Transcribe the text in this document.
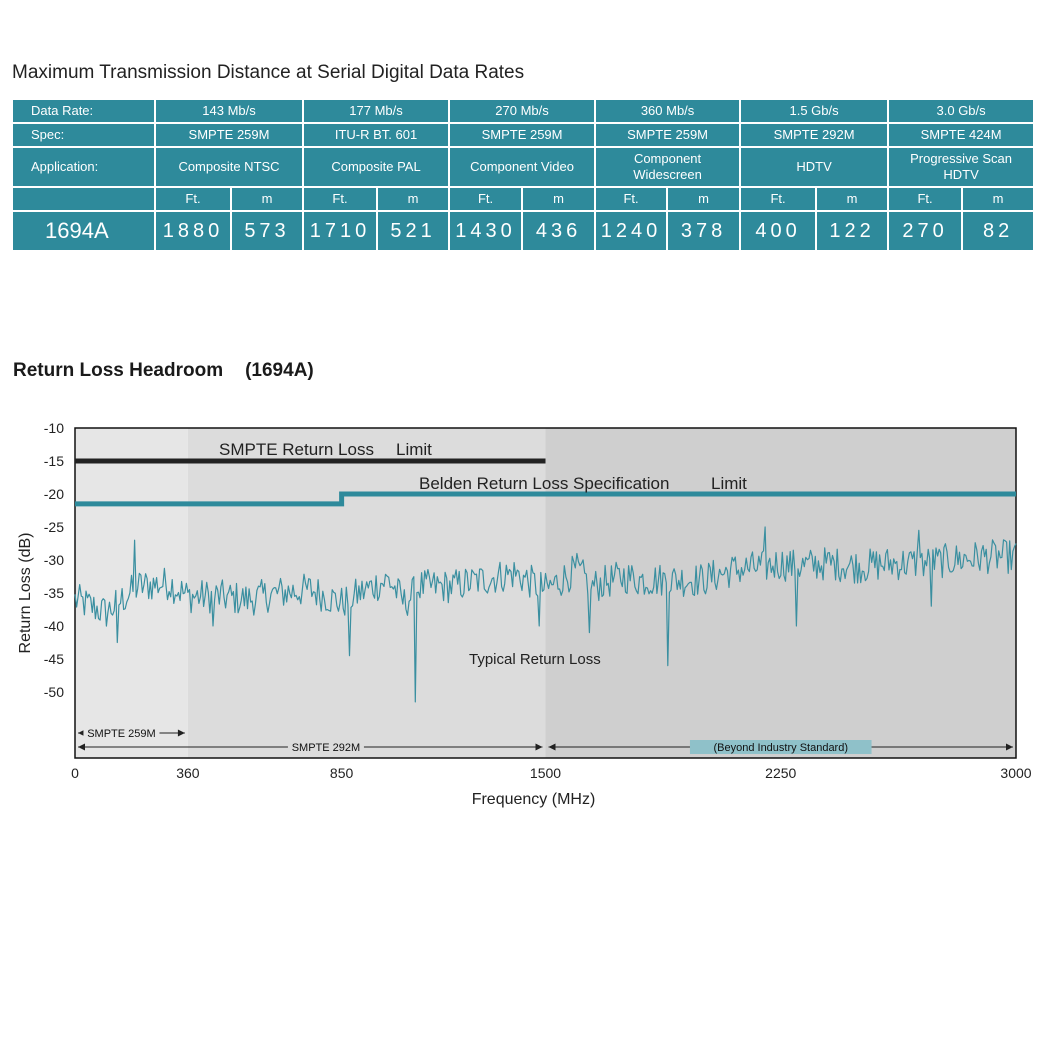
Maximum Transmission Distance at Serial Digital Data Rates
Data Rate:	143 Mb/s		177 Mb/s		270 Mb/s		360 Mb/s		1.5 Gb/s		3.0 Gb/s	
Spec:	SMPTE 259M		ITU-R BT. 601		SMPTE 259M		SMPTE 259M		SMPTE 292M		SMPTE 424M	
Application:	Composite NTSC		Composite PAL		Component Video		Component Widescreen		HDTV		Progressive Scan HDTV	
	Ft.	m	Ft.	m	Ft.	m	Ft.	m	Ft.	m	Ft.	m
1694A	1880	573	1710	521	1430	436	1240	378	400	122	270	82
Return Loss Headroom (1694A)
-10
-15
-20
-25
-30
-35
-40
-45
-50
0	360	850	1500	2250	3000
Frequency (MHz)
Return Loss (dB)
SMPTE 259M
SMPTE 292M	(Beyond Industry Standard)
SMPTE Return Loss Limit
Belden Return Loss Specification Limit
Typical Return Loss
